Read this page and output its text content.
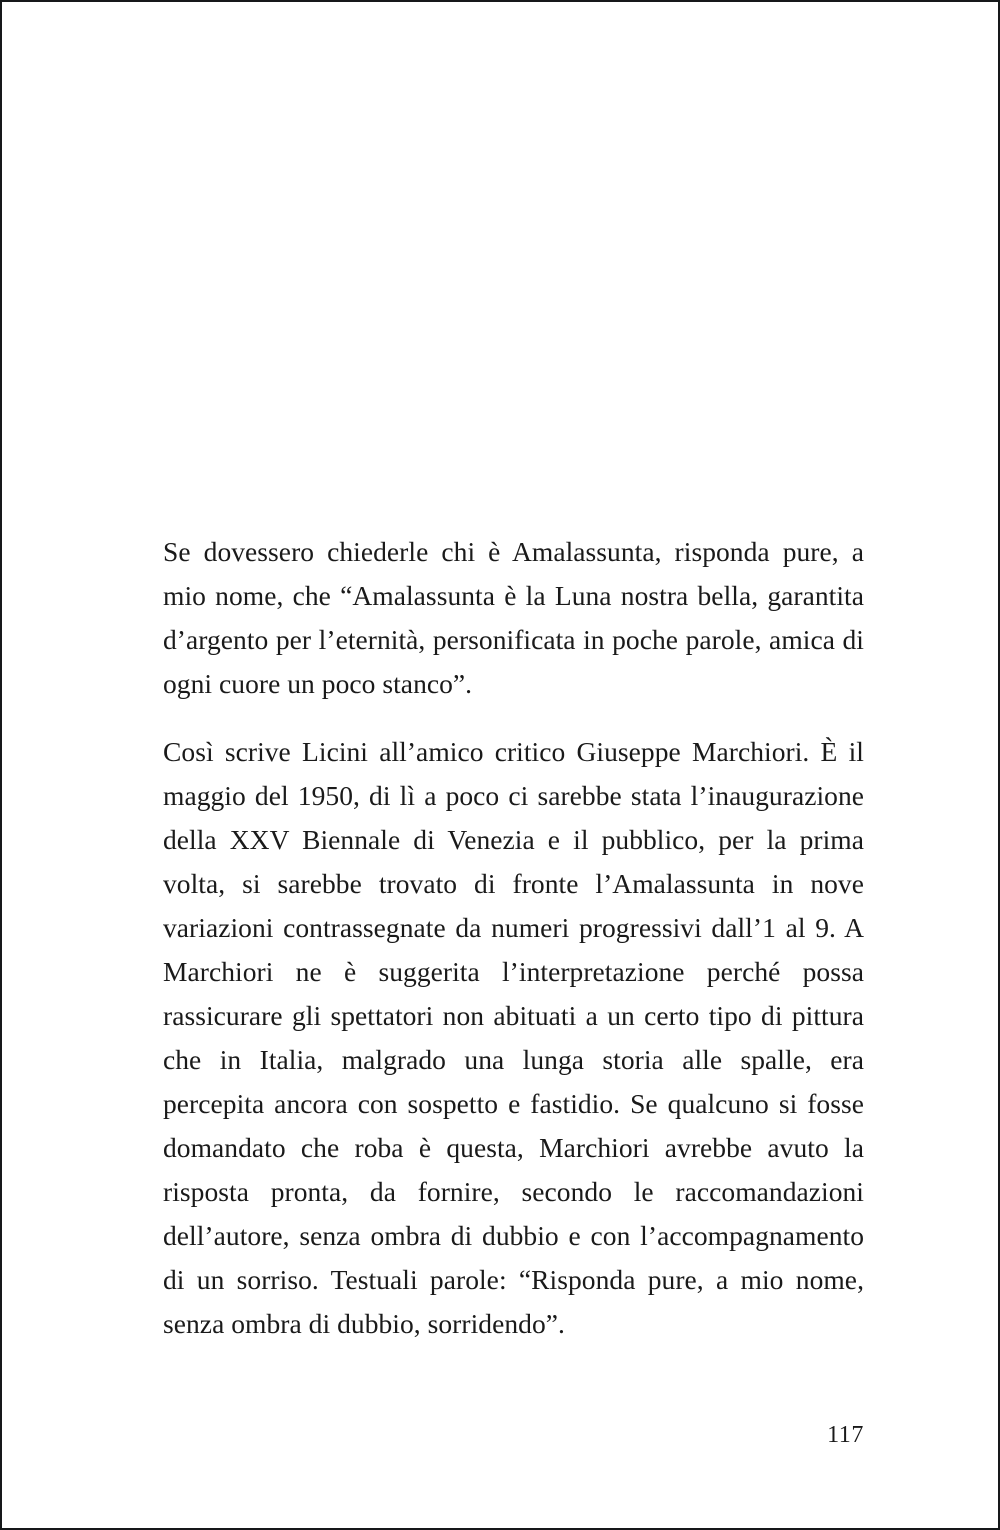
Se dovessero chiederle chi è Amalassunta, risponda pure, a mio nome, che “Amalassunta è la Luna nostra bella, garantita d’argento per l’eternità, personificata in poche parole, amica di ogni cuore un poco stanco”.

Così scrive Licini all’amico critico Giuseppe Marchiori. È il maggio del 1950, di lì a poco ci sarebbe stata l’inaugurazione della XXV Biennale di Venezia e il pubblico, per la prima volta, si sarebbe trovato di fronte l’Amalassunta in nove variazioni contrassegnate da numeri progressivi dall’1 al 9. A Marchiori ne è suggerita l’interpretazione perché possa rassicurare gli spettatori non abituati a un certo tipo di pittura che in Italia, malgrado una lunga storia alle spalle, era percepita ancora con sospetto e fastidio. Se qualcuno si fosse domandato che roba è questa, Marchiori avrebbe avuto la risposta pronta, da fornire, secondo le raccomandazioni dell’autore, senza ombra di dubbio e con l’accompagnamento di un sorriso. Testuali parole: “Risponda pure, a mio nome, senza ombra di dubbio, sorridendo”.

117
